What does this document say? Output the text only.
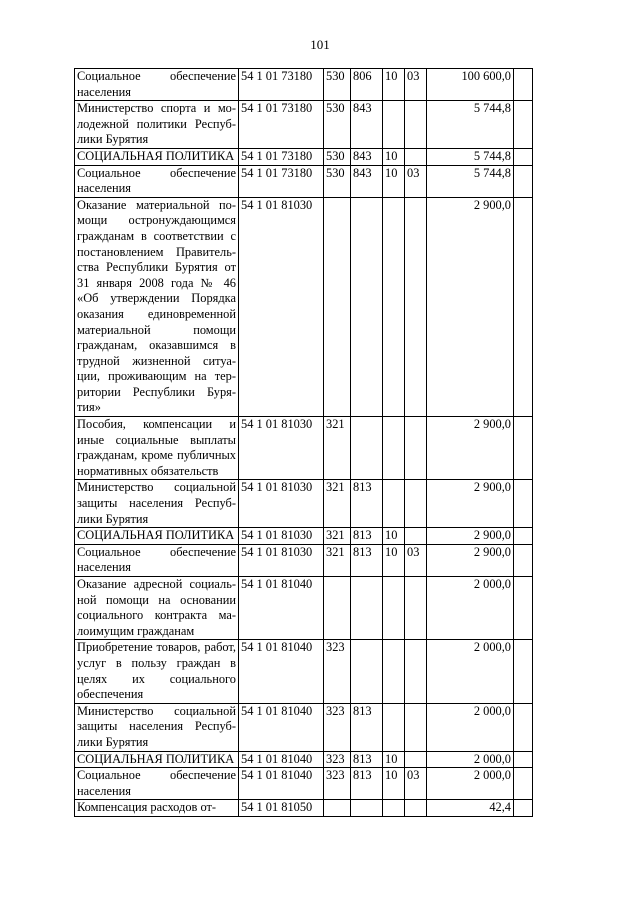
101
Социальное обеспечение населения	54 1 01 73180	530	806	10	03	100 600,0	
Министерство спорта и молодежной политики Республики Бурятия	54 1 01 73180	530	843			5 744,8	
СОЦИАЛЬНАЯ ПОЛИТИКА	54 1 01 73180	530	843	10		5 744,8	
Социальное обеспечение населения	54 1 01 73180	530	843	10	03	5 744,8	
Оказание материальной помощи остронуждающимся гражданам в соответствии с постановлением Правительства Республики Бурятия от 31 января 2008 года № 46 «Об утверждении Порядка оказания единовременной материальной помощи гражданам, оказавшимся в трудной жизненной ситуации, проживающим на территории Республики Бурятия»	54 1 01 81030					2 900,0	
Пособия, компенсации и иные социальные выплаты гражданам, кроме публичных нормативных обязательств	54 1 01 81030	321				2 900,0	
Министерство социальной защиты населения Республики Бурятия	54 1 01 81030	321	813			2 900,0	
СОЦИАЛЬНАЯ ПОЛИТИКА	54 1 01 81030	321	813	10		2 900,0	
Социальное обеспечение населения	54 1 01 81030	321	813	10	03	2 900,0	
Оказание адресной социальной помощи на основании социального контракта малоимущим гражданам	54 1 01 81040					2 000,0	
Приобретение товаров, работ, услуг в пользу граждан в целях их социального обеспечения	54 1 01 81040	323				2 000,0	
Министерство социальной защиты населения Республики Бурятия	54 1 01 81040	323	813			2 000,0	
СОЦИАЛЬНАЯ ПОЛИТИКА	54 1 01 81040	323	813	10		2 000,0	
Социальное обеспечение населения	54 1 01 81040	323	813	10	03	2 000,0	
Компенсация расходов от-	54 1 01 81050					42,4	
